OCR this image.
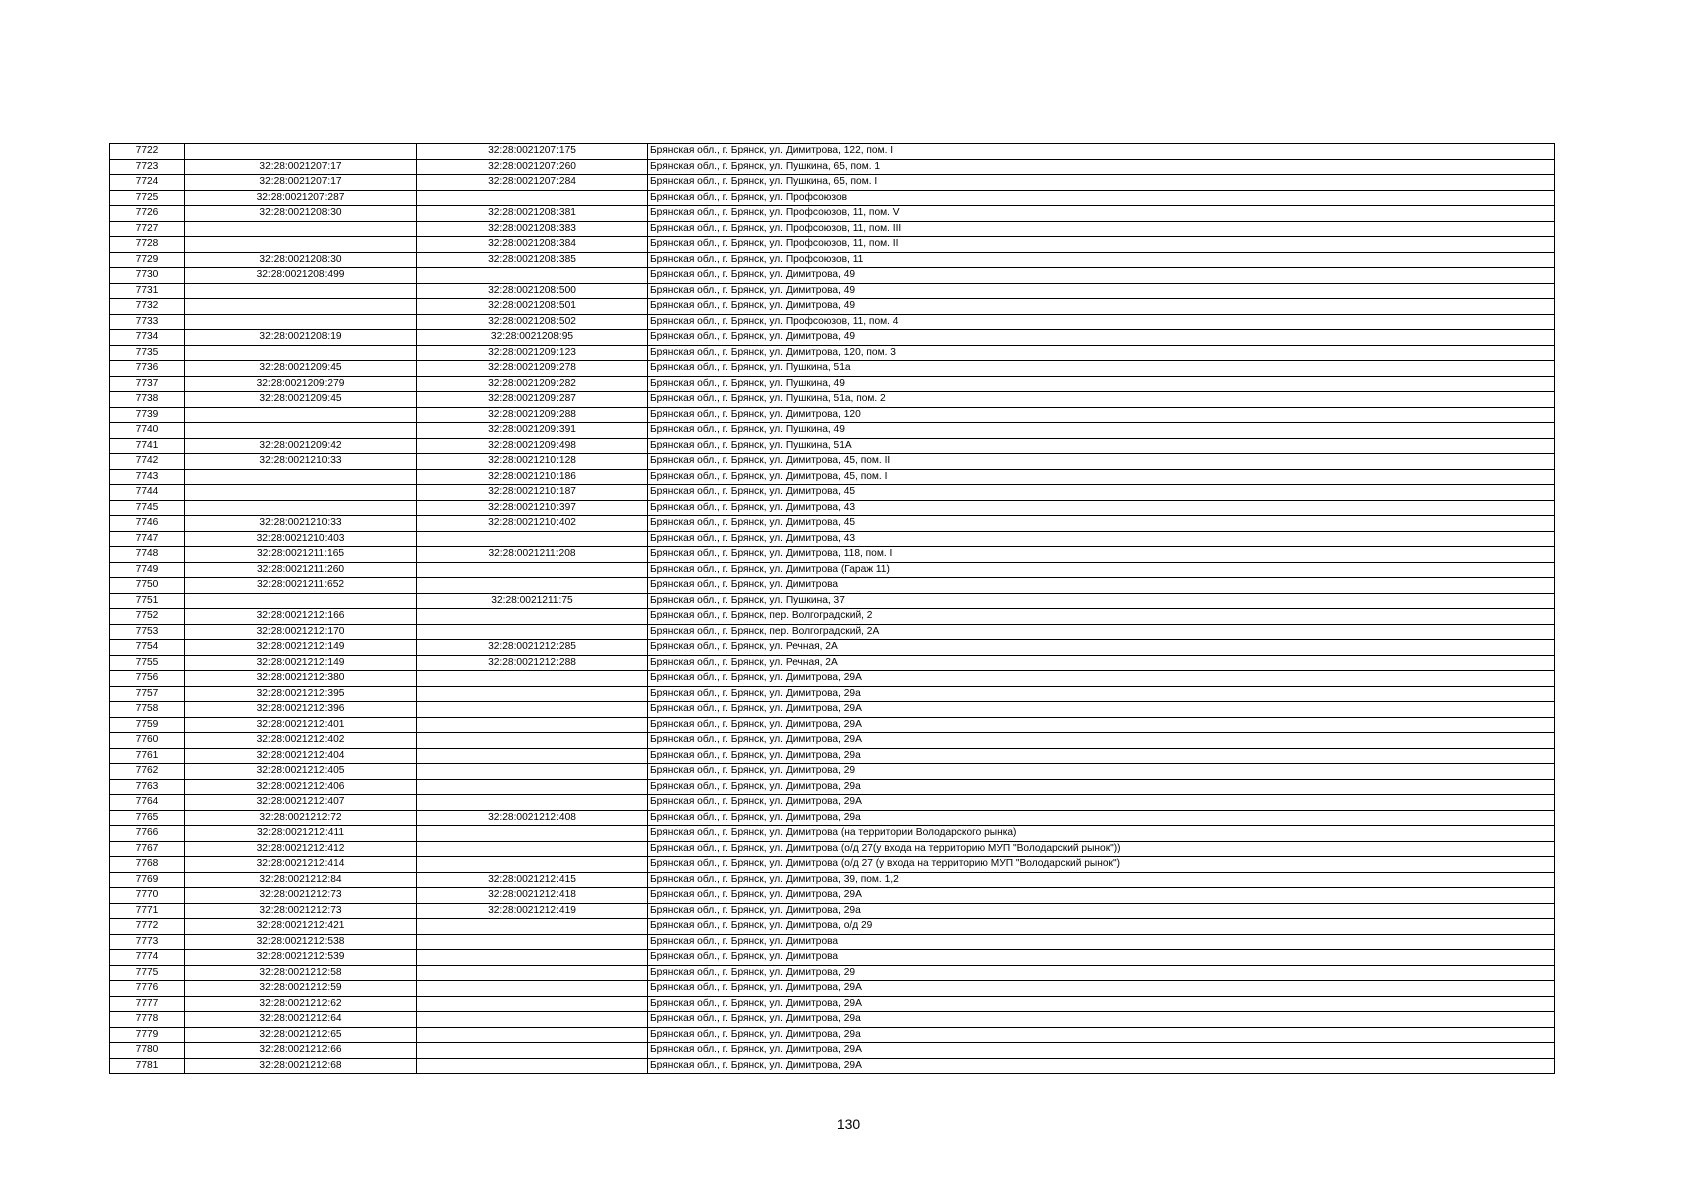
7722		32:28:0021207:175	Брянская обл., г. Брянск, ул. Димитрова, 122, пом. I
7723	32:28:0021207:17	32:28:0021207:260	Брянская обл., г. Брянск, ул. Пушкина, 65, пом. 1
7724	32:28:0021207:17	32:28:0021207:284	Брянская обл., г. Брянск, ул. Пушкина, 65, пом. I
7725	32:28:0021207:287		Брянская обл., г. Брянск, ул. Профсоюзов
7726	32:28:0021208:30	32:28:0021208:381	Брянская обл., г. Брянск, ул. Профсоюзов, 11, пом. V
7727		32:28:0021208:383	Брянская обл., г. Брянск, ул. Профсоюзов, 11, пом. III
7728		32:28:0021208:384	Брянская обл., г. Брянск, ул. Профсоюзов, 11, пом. II
7729	32:28:0021208:30	32:28:0021208:385	Брянская обл., г. Брянск, ул. Профсоюзов, 11
7730	32:28:0021208:499		Брянская обл., г. Брянск, ул. Димитрова, 49
7731		32:28:0021208:500	Брянская обл., г. Брянск, ул. Димитрова, 49
7732		32:28:0021208:501	Брянская обл., г. Брянск, ул. Димитрова, 49
7733		32:28:0021208:502	Брянская обл., г. Брянск, ул. Профсоюзов, 11, пом. 4
7734	32:28:0021208:19	32:28:0021208:95	Брянская обл., г. Брянск, ул. Димитрова, 49
7735		32:28:0021209:123	Брянская обл., г. Брянск, ул. Димитрова, 120, пом. 3
7736	32:28:0021209:45	32:28:0021209:278	Брянская обл., г. Брянск, ул. Пушкина, 51а
7737	32:28:0021209:279	32:28:0021209:282	Брянская обл., г. Брянск, ул. Пушкина, 49
7738	32:28:0021209:45	32:28:0021209:287	Брянская обл., г. Брянск, ул. Пушкина, 51а, пом. 2
7739		32:28:0021209:288	Брянская обл., г. Брянск, ул. Димитрова, 120
7740		32:28:0021209:391	Брянская обл., г. Брянск, ул. Пушкина, 49
7741	32:28:0021209:42	32:28:0021209:498	Брянская обл., г. Брянск, ул. Пушкина, 51А
7742	32:28:0021210:33	32:28:0021210:128	Брянская обл., г. Брянск, ул. Димитрова, 45, пом. II
7743		32:28:0021210:186	Брянская обл., г. Брянск, ул. Димитрова, 45, пом. I
7744		32:28:0021210:187	Брянская обл., г. Брянск, ул. Димитрова, 45
7745		32:28:0021210:397	Брянская обл., г. Брянск, ул. Димитрова, 43
7746	32:28:0021210:33	32:28:0021210:402	Брянская обл., г. Брянск, ул. Димитрова, 45
7747	32:28:0021210:403		Брянская обл., г. Брянск, ул. Димитрова, 43
7748	32:28:0021211:165	32:28:0021211:208	Брянская обл., г. Брянск, ул. Димитрова, 118, пом. I
7749	32:28:0021211:260		Брянская обл., г. Брянск, ул. Димитрова (Гараж 11)
7750	32:28:0021211:652		Брянская обл., г. Брянск, ул. Димитрова
7751		32:28:0021211:75	Брянская обл., г. Брянск, ул. Пушкина, 37
7752	32:28:0021212:166		Брянская обл., г. Брянск, пер. Волгоградский, 2
7753	32:28:0021212:170		Брянская обл., г. Брянск, пер. Волгоградский, 2А
7754	32:28:0021212:149	32:28:0021212:285	Брянская обл., г. Брянск, ул. Речная, 2А
7755	32:28:0021212:149	32:28:0021212:288	Брянская обл., г. Брянск, ул. Речная, 2А
7756	32:28:0021212:380		Брянская обл., г. Брянск, ул. Димитрова, 29А
7757	32:28:0021212:395		Брянская обл., г. Брянск, ул. Димитрова, 29а
7758	32:28:0021212:396		Брянская обл., г. Брянск, ул. Димитрова, 29А
7759	32:28:0021212:401		Брянская обл., г. Брянск, ул. Димитрова, 29А
7760	32:28:0021212:402		Брянская обл., г. Брянск, ул. Димитрова, 29А
7761	32:28:0021212:404		Брянская обл., г. Брянск, ул. Димитрова, 29а
7762	32:28:0021212:405		Брянская обл., г. Брянск, ул. Димитрова, 29
7763	32:28:0021212:406		Брянская обл., г. Брянск, ул. Димитрова, 29а
7764	32:28:0021212:407		Брянская обл., г. Брянск, ул. Димитрова, 29А
7765	32:28:0021212:72	32:28:0021212:408	Брянская обл., г. Брянск, ул. Димитрова, 29а
7766	32:28:0021212:411		Брянская обл., г. Брянск, ул. Димитрова (на территории Володарского рынка)
7767	32:28:0021212:412		Брянская обл., г. Брянск, ул. Димитрова (о/д 27(у входа на территорию МУП "Володарский рынок"))
7768	32:28:0021212:414		Брянская обл., г. Брянск, ул. Димитрова (о/д 27 (у входа на территорию МУП "Володарский рынок")
7769	32:28:0021212:84	32:28:0021212:415	Брянская обл., г. Брянск, ул. Димитрова, 39, пом. 1,2
7770	32:28:0021212:73	32:28:0021212:418	Брянская обл., г. Брянск, ул. Димитрова, 29А
7771	32:28:0021212:73	32:28:0021212:419	Брянская обл., г. Брянск, ул. Димитрова, 29а
7772	32:28:0021212:421		Брянская обл., г. Брянск, ул. Димитрова, о/д 29
7773	32:28:0021212:538		Брянская обл., г. Брянск, ул. Димитрова
7774	32:28:0021212:539		Брянская обл., г. Брянск, ул. Димитрова
7775	32:28:0021212:58		Брянская обл., г. Брянск, ул. Димитрова, 29
7776	32:28:0021212:59		Брянская обл., г. Брянск, ул. Димитрова, 29А
7777	32:28:0021212:62		Брянская обл., г. Брянск, ул. Димитрова, 29А
7778	32:28:0021212:64		Брянская обл., г. Брянск, ул. Димитрова, 29а
7779	32:28:0021212:65		Брянская обл., г. Брянск, ул. Димитрова, 29а
7780	32:28:0021212:66		Брянская обл., г. Брянск, ул. Димитрова, 29А
7781	32:28:0021212:68		Брянская обл., г. Брянск, ул. Димитрова, 29А
130
